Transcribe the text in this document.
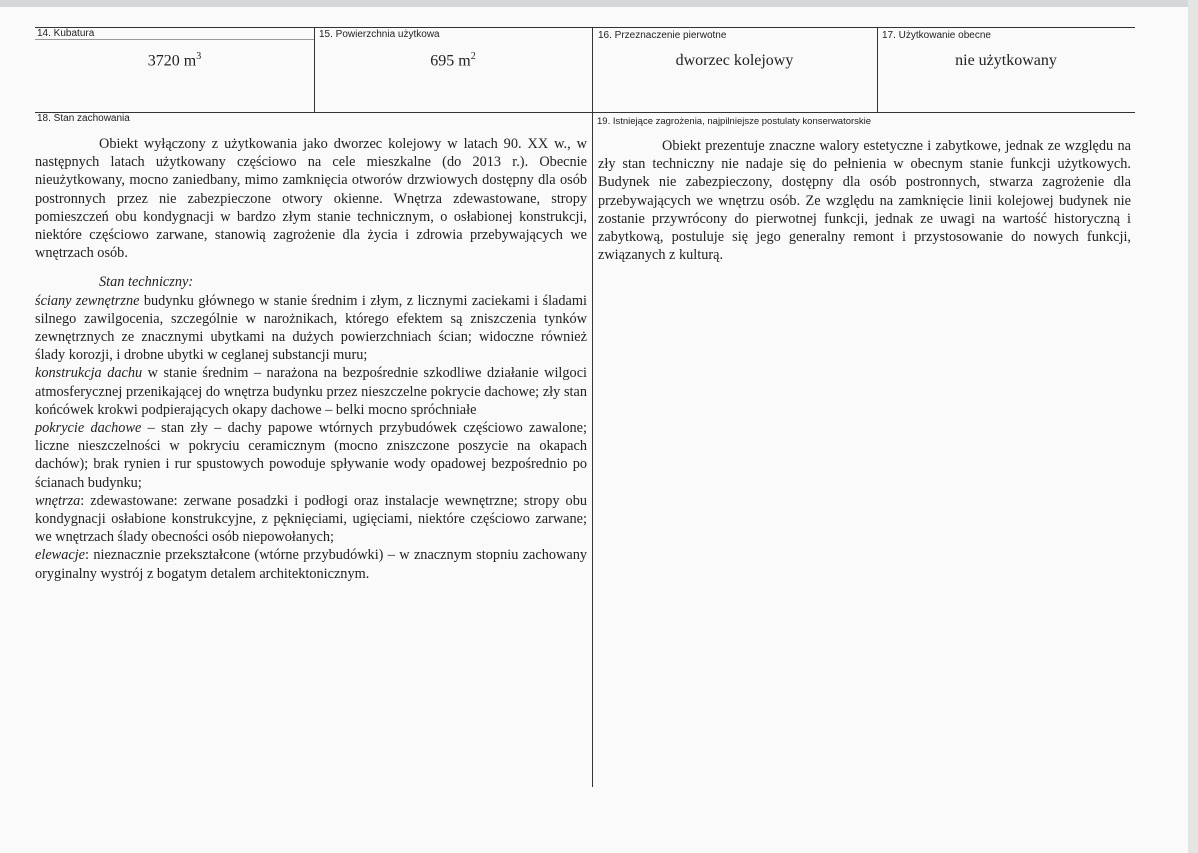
14. Kubatura	15. Powierzchnia użytkowa	16. Przeznaczenie pierwotne	17. Użytkowanie obecne
3720 $m^3$	695 $m^2$	dworzec kolejowy	nie użytkowany
18. Stan zachowania	19. Istniejące zagrożenia, najpilniejsze postulaty konserwatorskie

Obiekt wyłączony z użytkowania jako dworzec kolejowy w latach 90. XX w., w następnych latach użytkowany częściowo na cele mieszkalne (do 2013 r.). Obecnie nieużytkowany, mocno zaniedbany, mimo zamknięcia otworów drzwiowych dostępny dla osób postronnych przez nie zabezpieczone otwory okienne. Wnętrza zdewastowane, stropy pomieszczeń obu kondygnacji w bardzo złym stanie technicznym, o osłabionej konstrukcji, niektóre częściowo zarwane, stanowią zagrożenie dla życia i zdrowia przebywających we wnętrzach osób.

Stan techniczny:

ściany zewnętrzne budynku głównego w stanie średnim i złym, z licznymi zaciekami i śladami silnego zawilgocenia, szczególnie w narożnikach, którego efektem są zniszczenia tynków zewnętrznych ze znacznymi ubytkami na dużych powierzchniach ścian; widoczne również ślady korozji, i drobne ubytki w ceglanej substancji muru;

konstrukcja dachu w stanie średnim – narażona na bezpośrednie szkodliwe działanie wilgoci atmosferycznej przenikającej do wnętrza budynku przez nieszczelne pokrycie dachowe; zły stan końcówek krokwi podpierających okapy dachowe – belki mocno spróchniałe

pokrycie dachowe – stan zły – dachy papowe wtórnych przybudówek częściowo zawalone; liczne nieszczelności w pokryciu ceramicznym (mocno zniszczone poszycie na okapach dachów); brak rynien i rur spustowych powoduje spływanie wody opadowej bezpośrednio po ścianach budynku;

wnętrza: zdewastowane: zerwane posadzki i podłogi oraz instalacje wewnętrzne; stropy obu kondygnacji osłabione konstrukcyjne, z pęknięciami, ugięciami, niektóre częściowo zarwane; we wnętrzach ślady obecności osób niepowołanych;

elewacje: nieznacznie przekształcone (wtórne przybudówki) – w znacznym stopniu zachowany oryginalny wystrój z bogatym detalem architektonicznym.

Obiekt prezentuje znaczne walory estetyczne i zabytkowe, jednak ze względu na zły stan techniczny nie nadaje się do pełnienia w obecnym stanie funkcji użytkowych. Budynek nie zabezpieczony, dostępny dla osób postronnych, stwarza zagrożenie dla przebywających we wnętrzu osób. Ze względu na zamknięcie linii kolejowej budynek nie zostanie przywrócony do pierwotnej funkcji, jednak ze uwagi na wartość historyczną i zabytkową, postuluje się jego generalny remont i przystosowanie do nowych funkcji, związanych z kulturą.
